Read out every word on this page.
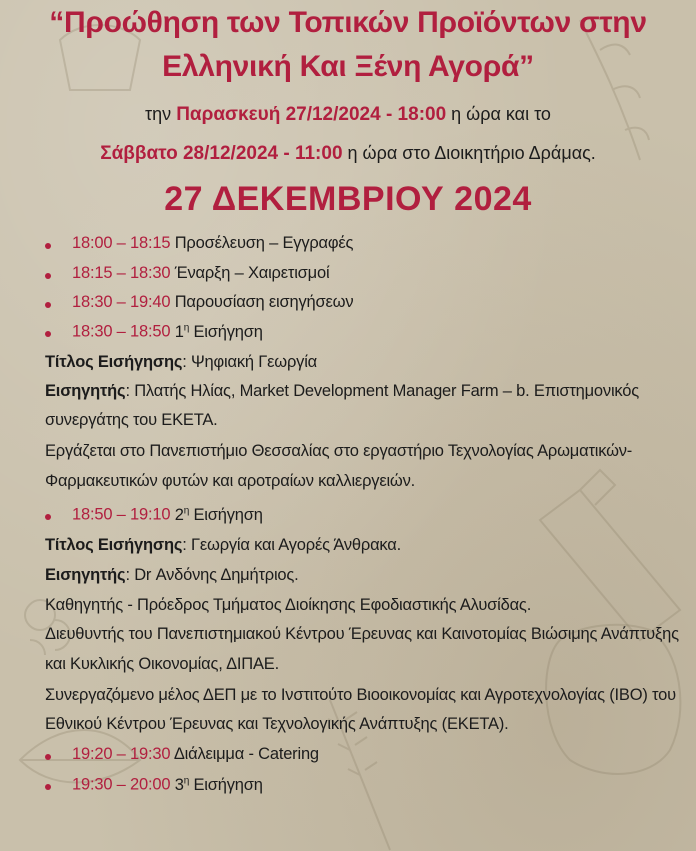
“Προώθηση των Τοπικών Προϊόντων στην
Ελληνική Και Ξένη Αγορά”
την Παρασκευή 27/12/2024 - 18:00 η ώρα και το
Σάββατο 28/12/2024 - 11:00 η ώρα στο Διοικητήριο Δράμας.
27 ΔΕΚΕΜΒΡΙΟΥ 2024
18:00 – 18:15 Προσέλευση – Εγγραφές
18:15 – 18:30 Έναρξη – Χαιρετισμοί
18:30 – 19:40 Παρουσίαση εισηγήσεων
18:30 – 18:50 $1^\eta$ Εισήγηση
Τίτλος Εισήγησης: Ψηφιακή Γεωργία
Εισηγητής: Πλατής Ηλίας, Market Development Manager Farm – b. Επιστημονικός
συνεργάτης του ΕΚΕΤΑ.
Εργάζεται στο Πανεπιστήμιο Θεσσαλίας στο εργαστήριο Τεχνολογίας Αρωματικών-
Φαρμακευτικών φυτών και αροτραίων καλλιεργειών.
18:50 – 19:10 $2^\eta$ Εισήγηση
Τίτλος Εισήγησης: Γεωργία και Αγορές Άνθρακα.
Εισηγητής: Dr Ανδόνης Δημήτριος.
Καθηγητής - Πρόεδρος Τμήματος Διοίκησης Εφοδιαστικής Αλυσίδας.
Διευθυντής του Πανεπιστημιακού Κέντρου Έρευνας και Καινοτομίας Βιώσιμης Ανάπτυξης
και Κυκλικής Οικονομίας, ΔΙΠΑΕ.
Συνεργαζόμενο μέλος ΔΕΠ με το Ινστιτούτο Βιοοικονομίας και Αγροτεχνολογίας (IBO) του
Εθνικού Κέντρου Έρευνας και Τεχνολογικής Ανάπτυξης (ΕΚΕΤΑ).
19:20 – 19:30 Διάλειμμα - Catering
19:30 – 20:00 $3^\eta$ Εισήγηση
